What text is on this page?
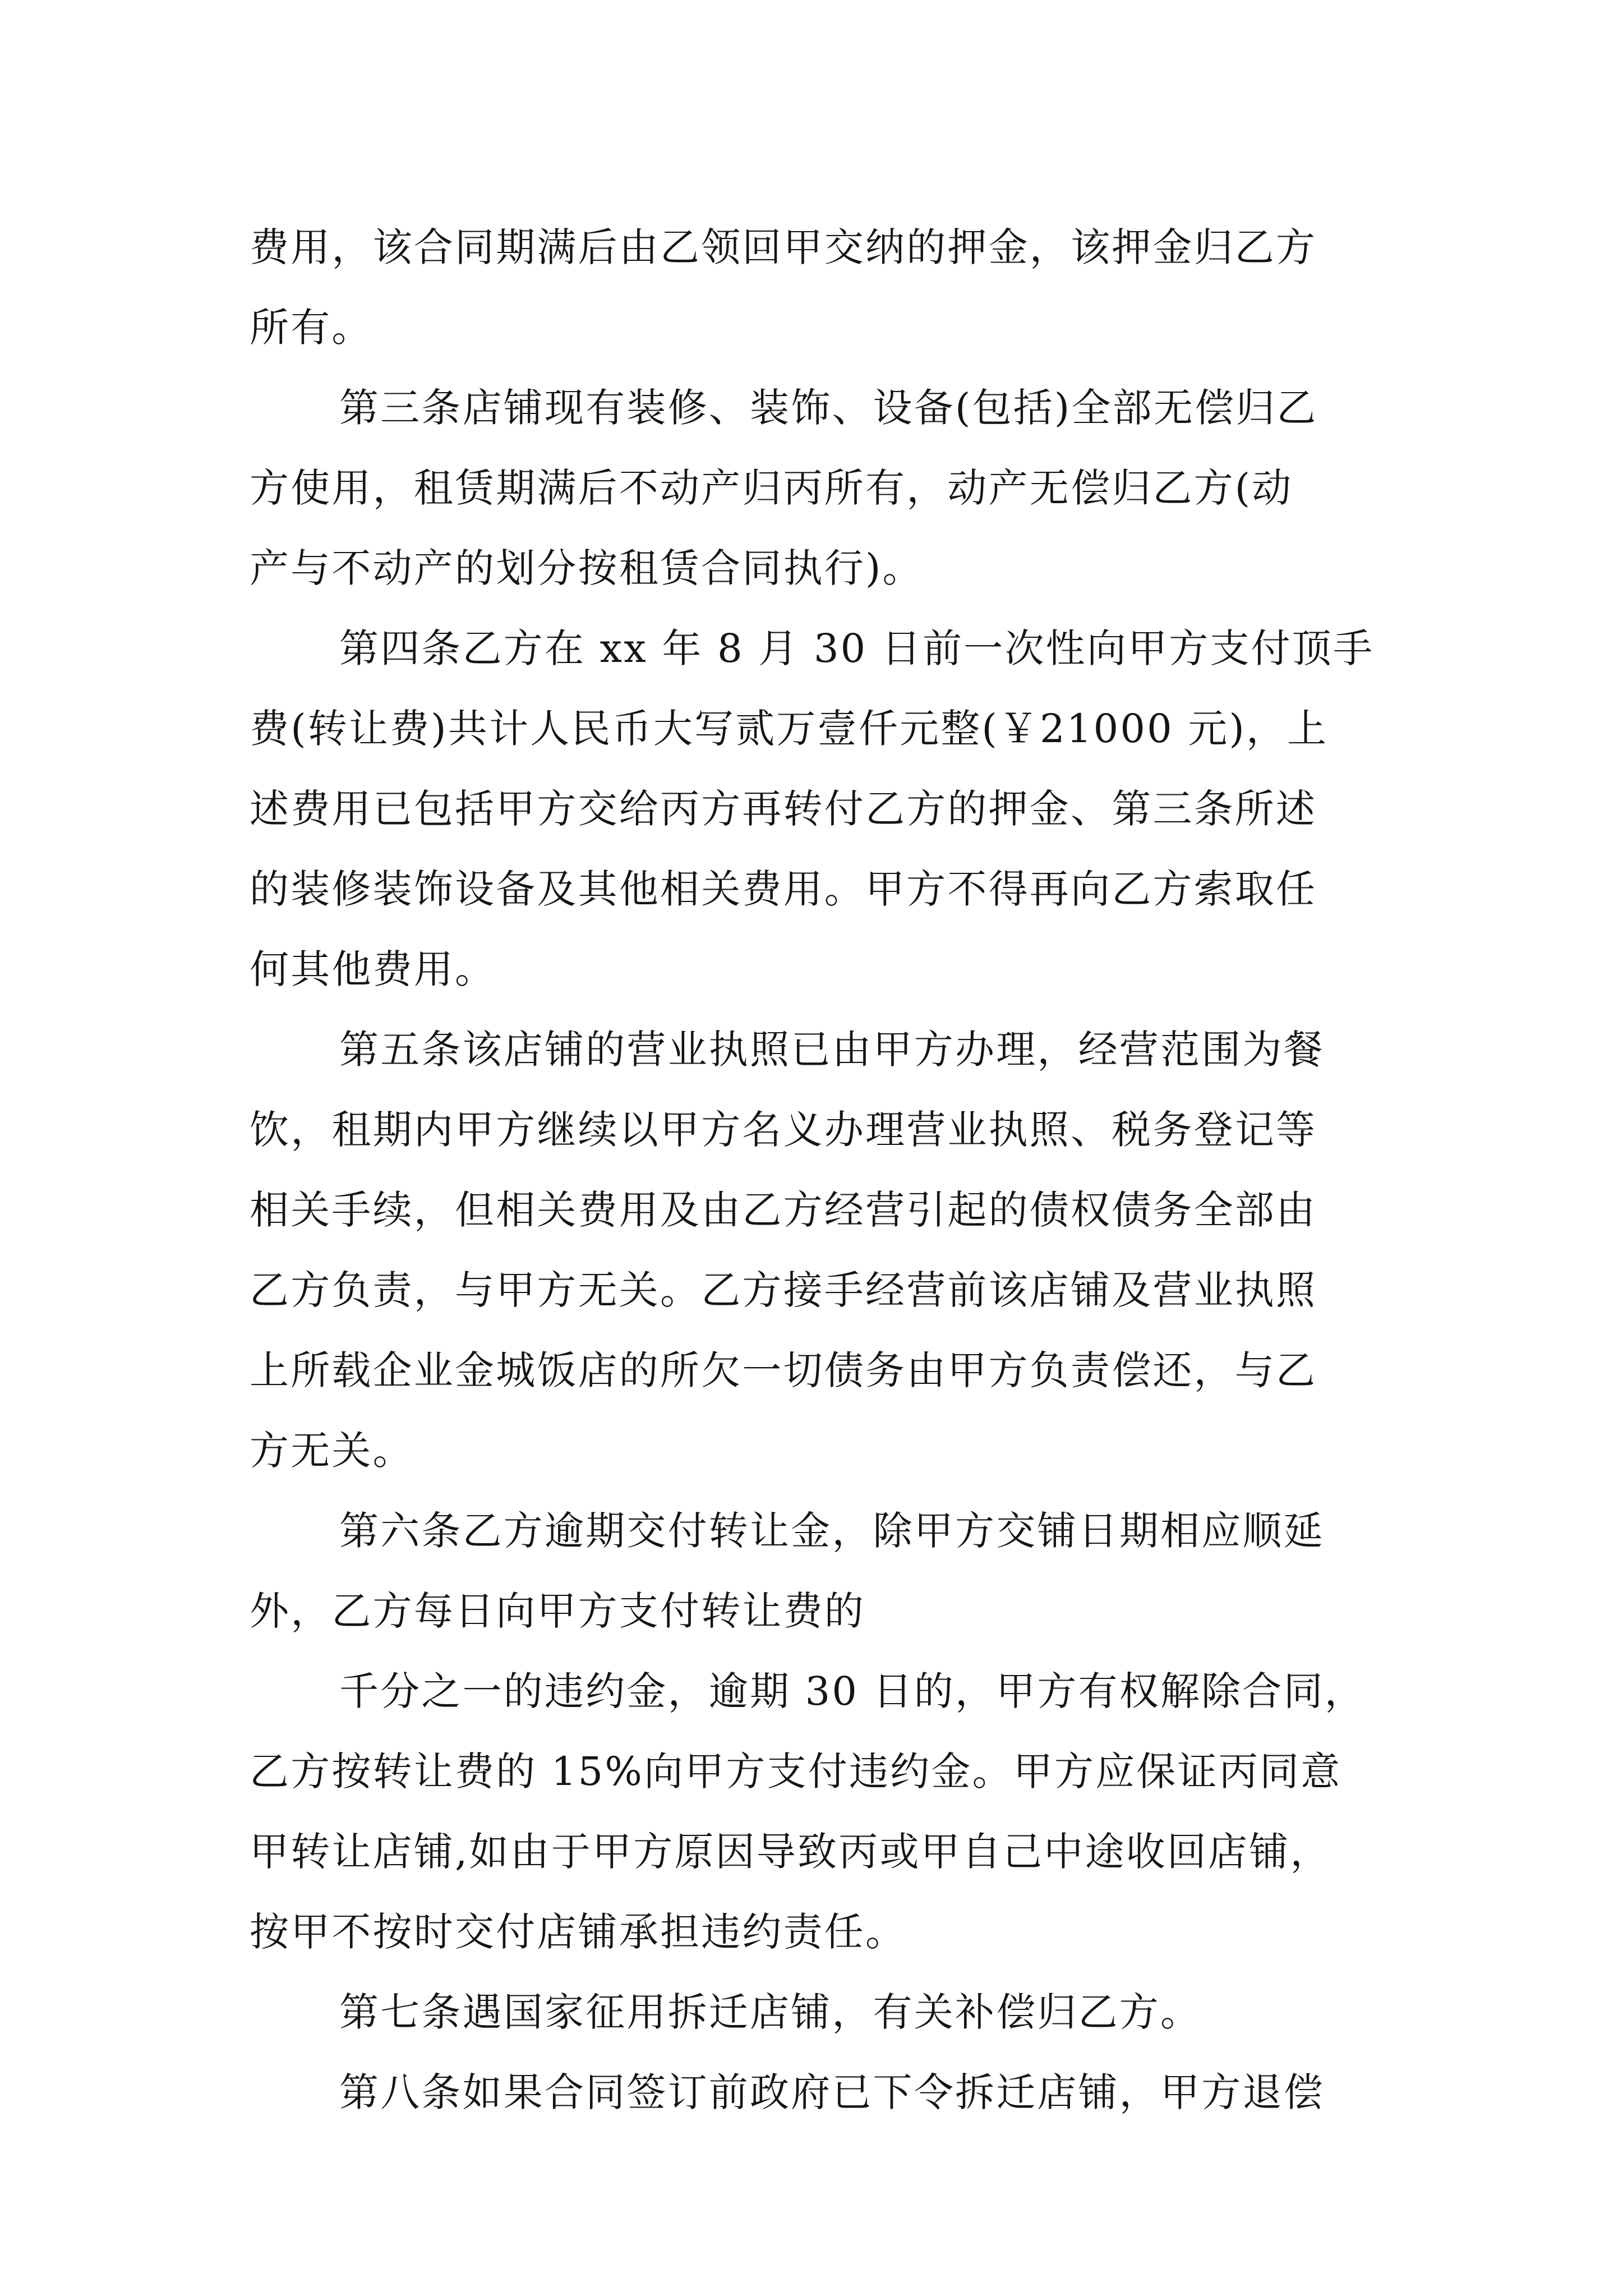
费用，该合同期满后由乙领回甲交纳的押金，该押金归乙方
所有。
第三条店铺现有装修、装饰、设备(包括)全部无偿归乙
方使用，租赁期满后不动产归丙所有，动产无偿归乙方(动
产与不动产的划分按租赁合同执行)。
第四条乙方在 xx 年 8 月 30 日前一次性向甲方支付顶手
费(转让费)共计人民币大写贰万壹仟元整(￥21000 元)，上
述费用已包括甲方交给丙方再转付乙方的押金、第三条所述
的装修装饰设备及其他相关费用。甲方不得再向乙方索取任
何其他费用。
第五条该店铺的营业执照已由甲方办理，经营范围为餐
饮，租期内甲方继续以甲方名义办理营业执照、税务登记等
相关手续，但相关费用及由乙方经营引起的债权债务全部由
乙方负责，与甲方无关。乙方接手经营前该店铺及营业执照
上所载企业金城饭店的所欠一切债务由甲方负责偿还，与乙
方无关。
第六条乙方逾期交付转让金，除甲方交铺日期相应顺延
外，乙方每日向甲方支付转让费的
千分之一的违约金，逾期 30 日的，甲方有权解除合同，
乙方按转让费的 15%向甲方支付违约金。甲方应保证丙同意
甲转让店铺,如由于甲方原因导致丙或甲自己中途收回店铺，
按甲不按时交付店铺承担违约责任。
第七条遇国家征用拆迁店铺，有关补偿归乙方。
第八条如果合同签订前政府已下令拆迁店铺，甲方退偿
